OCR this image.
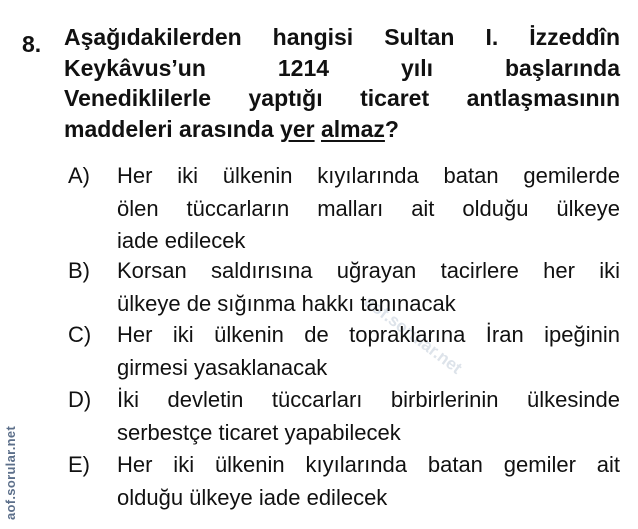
aof.sorular.net
aof.sorular.net
8. Aşağıdakilerden hangisi Sultan I. İzzeddîn
Keykâvus’un 1214 yılı başlarında
Venediklilerle yaptığı ticaret antlaşmasının
maddeleri arasında yer almaz?
A) Her iki ülkenin kıyılarında batan gemilerde
ölen tüccarların malları ait olduğu ülkeye
iade edilecek
B) Korsan saldırısına uğrayan tacirlere her iki
ülkeye de sığınma hakkı tanınacak
C) Her iki ülkenin de topraklarına İran ipeğinin
girmesi yasaklanacak
D) İki devletin tüccarları birbirlerinin ülkesinde
serbestçe ticaret yapabilecek
E) Her iki ülkenin kıyılarında batan gemiler ait
olduğu ülkeye iade edilecek
